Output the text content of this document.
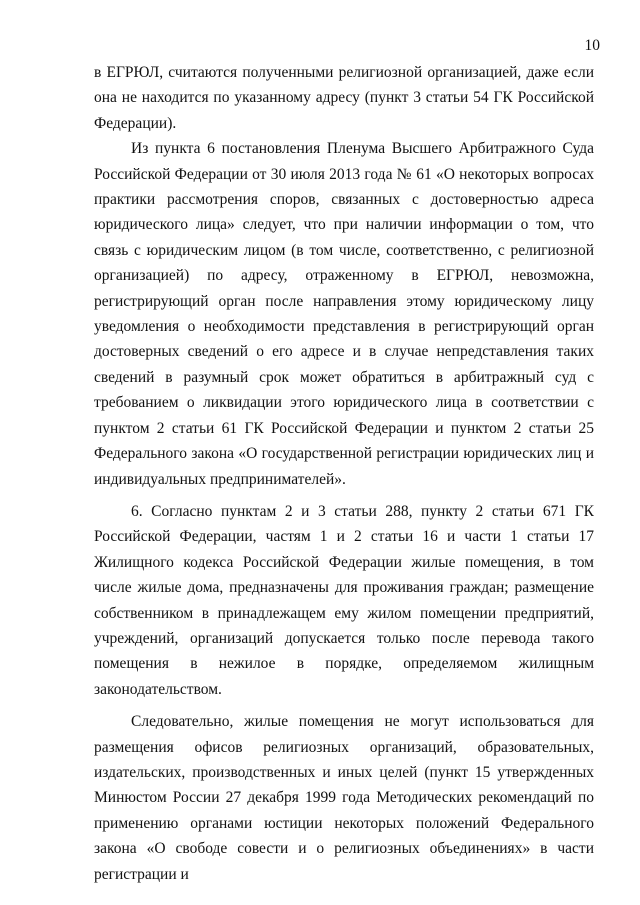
10

в ЕГРЮЛ, считаются полученными религиозной организацией, даже если она не находится по указанному адресу (пункт 3 статьи 54 ГК Российской Федерации).

Из пункта 6 постановления Пленума Высшего Арбитражного Суда Российской Федерации от 30 июля 2013 года № 61 «О некоторых вопросах практики рассмотрения споров, связанных с достоверностью адреса юридического лица» следует, что при наличии информации о том, что связь с юридическим лицом (в том числе, соответственно, с религиозной организацией) по адресу, отраженному в ЕГРЮЛ, невозможна, регистрирующий орган после направления этому юридическому лицу уведомления о необходимости представления в регистрирующий орган достоверных сведений о его адресе и в случае непредставления таких сведений в разумный срок может обратиться в арбитражный суд с требованием о ликвидации этого юридического лица в соответствии с пунктом 2 статьи 61 ГК Российской Федерации и пунктом 2 статьи 25 Федерального закона «О государственной регистрации юридических лиц и индивидуальных предпринимателей».

6. Согласно пунктам 2 и 3 статьи 288, пункту 2 статьи 671 ГК Российской Федерации, частям 1 и 2 статьи 16 и части 1 статьи 17 Жилищного кодекса Российской Федерации жилые помещения, в том числе жилые дома, предназначены для проживания граждан; размещение собственником в принадлежащем ему жилом помещении предприятий, учреждений, организаций допускается только после перевода такого помещения в нежилое в порядке, определяемом жилищным законодательством.

Следовательно, жилые помещения не могут использоваться для размещения офисов религиозных организаций, образовательных, издательских, производственных и иных целей (пункт 15 утвержденных Минюстом России 27 декабря 1999 года Методических рекомендаций по применению органами юстиции некоторых положений Федерального закона «О свободе совести и о религиозных объединениях» в части регистрации и
